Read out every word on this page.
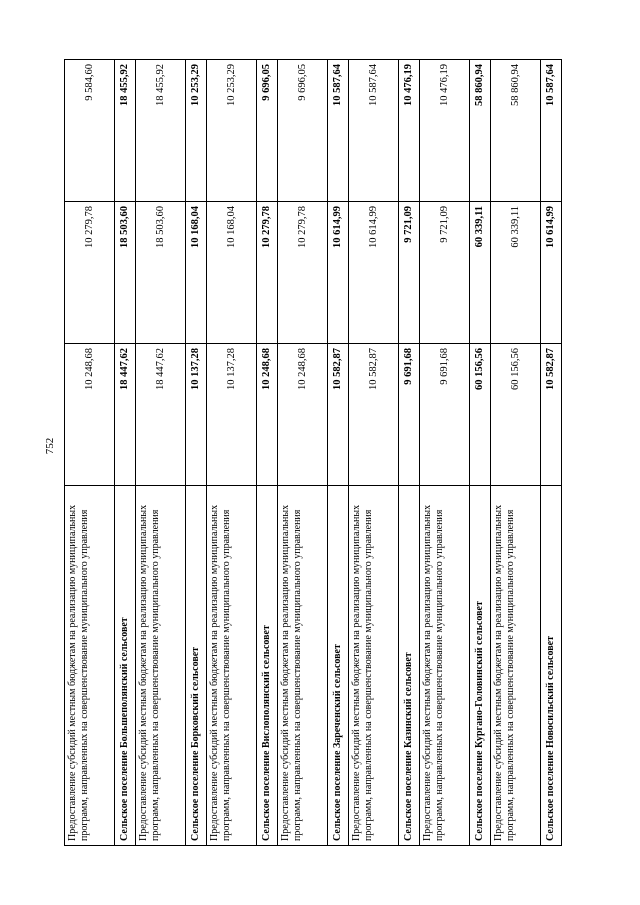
752
Предоставление субсидий местным бюджетам на реализацию муниципальных программ, направленных на совершенствование муниципального управления	10 248,68	10 279,78	9 584,60
Сельское поселение Большеполянский сельсовет	18 447,62	18 503,60	18 455,92
Предоставление субсидий местным бюджетам на реализацию муниципальных программ, направленных на совершенствование муниципального управления	18 447,62	18 503,60	18 455,92
Сельское поселение Борковский сельсовет	10 137,28	10 168,04	10 253,29
Предоставление субсидий местным бюджетам на реализацию муниципальных программ, направленных на совершенствование муниципального управления	10 137,28	10 168,04	10 253,29
Сельское поселение Вислополянский сельсовет	10 248,68	10 279,78	9 696,05
Предоставление субсидий местным бюджетам на реализацию муниципальных программ, направленных на совершенствование муниципального управления	10 248,68	10 279,78	9 696,05
Сельское поселение Зареченский сельсовет	10 582,87	10 614,99	10 587,64
Предоставление субсидий местным бюджетам на реализацию муниципальных программ, направленных на совершенствование муниципального управления	10 582,87	10 614,99	10 587,64
Сельское поселение Казинский сельсовет	9 691,68	9 721,09	10 476,19
Предоставление субсидий местным бюджетам на реализацию муниципальных программ, направленных на совершенствование муниципального управления	9 691,68	9 721,09	10 476,19
Сельское поселение Кургано-Головинский сельсовет	60 156,56	60 339,11	58 860,94
Предоставление субсидий местным бюджетам на реализацию муниципальных программ, направленных на совершенствование муниципального управления	60 156,56	60 339,11	58 860,94
Сельское поселение Новосильский сельсовет	10 582,87	10 614,99	10 587,64
